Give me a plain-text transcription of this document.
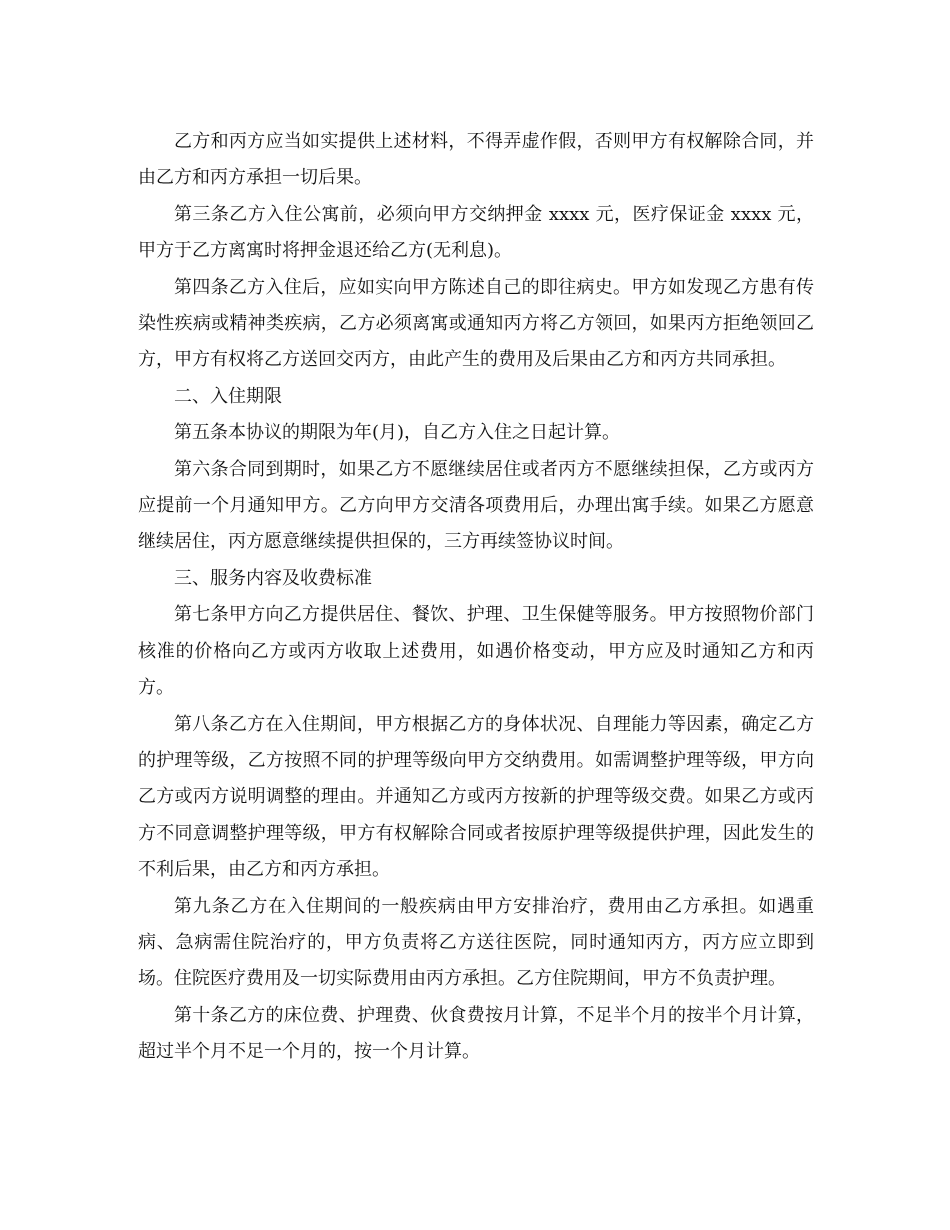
乙方和丙方应当如实提供上述材料，不得弄虚作假，否则甲方有权解除合同，并由乙方和丙方承担一切后果。

第三条乙方入住公寓前，必须向甲方交纳押金 xxxx 元，医疗保证金 xxxx 元，甲方于乙方离寓时将押金退还给乙方(无利息)。

第四条乙方入住后，应如实向甲方陈述自己的即往病史。甲方如发现乙方患有传染性疾病或精神类疾病，乙方必须离寓或通知丙方将乙方领回，如果丙方拒绝领回乙方，甲方有权将乙方送回交丙方，由此产生的费用及后果由乙方和丙方共同承担。

二、入住期限

第五条本协议的期限为年(月)，自乙方入住之日起计算。

第六条合同到期时，如果乙方不愿继续居住或者丙方不愿继续担保，乙方或丙方应提前一个月通知甲方。乙方向甲方交清各项费用后，办理出寓手续。如果乙方愿意继续居住，丙方愿意继续提供担保的，三方再续签协议时间。

三、服务内容及收费标准

第七条甲方向乙方提供居住、餐饮、护理、卫生保健等服务。甲方按照物价部门核准的价格向乙方或丙方收取上述费用，如遇价格变动，甲方应及时通知乙方和丙方。

第八条乙方在入住期间，甲方根据乙方的身体状况、自理能力等因素，确定乙方的护理等级，乙方按照不同的护理等级向甲方交纳费用。如需调整护理等级，甲方向乙方或丙方说明调整的理由。并通知乙方或丙方按新的护理等级交费。如果乙方或丙方不同意调整护理等级，甲方有权解除合同或者按原护理等级提供护理，因此发生的不利后果，由乙方和丙方承担。

第九条乙方在入住期间的一般疾病由甲方安排治疗，费用由乙方承担。如遇重病、急病需住院治疗的，甲方负责将乙方送往医院，同时通知丙方，丙方应立即到场。住院医疗费用及一切实际费用由丙方承担。乙方住院期间，甲方不负责护理。

第十条乙方的床位费、护理费、伙食费按月计算，不足半个月的按半个月计算，超过半个月不足一个月的，按一个月计算。
